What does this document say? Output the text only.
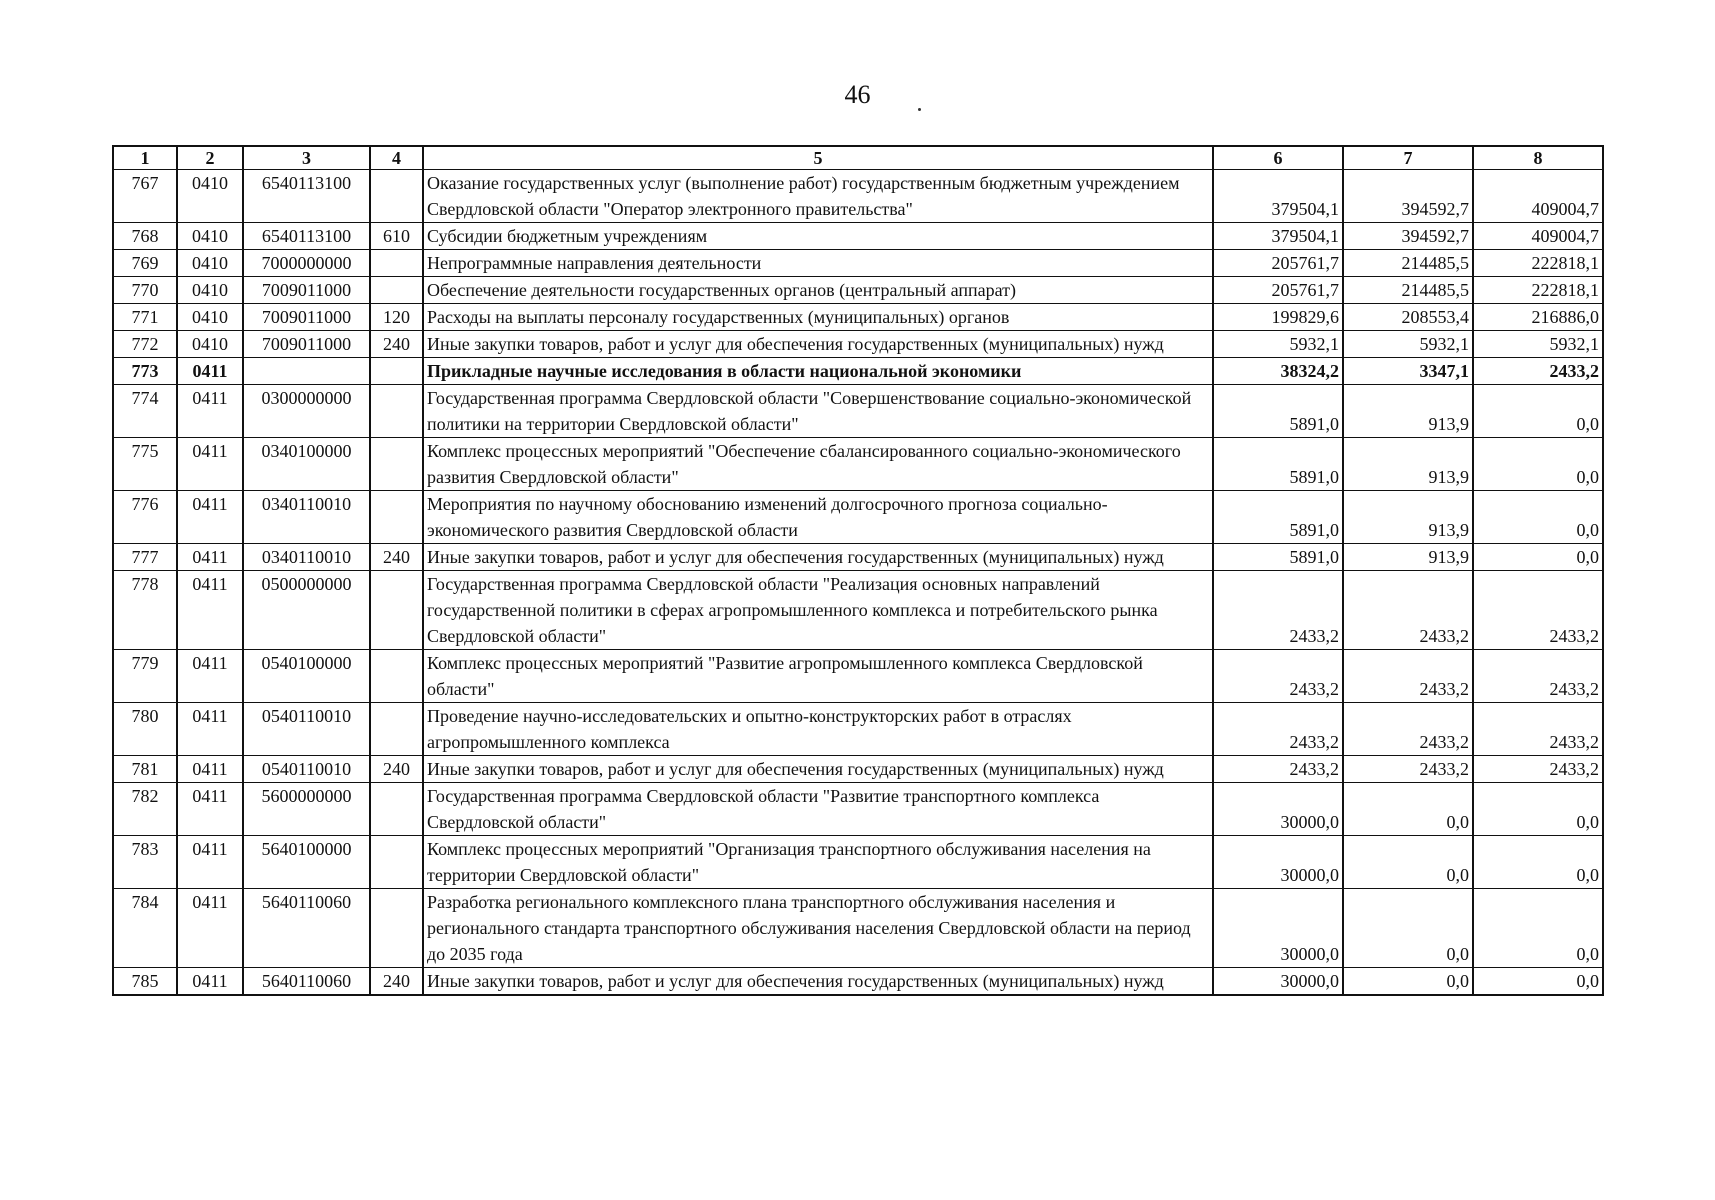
46
1	2	3	4	5	6	7	8
767	0410	6540113100		Оказание государственных услуг (выполнение работ) государственным бюджетным учреждением Свердловской области "Оператор электронного правительства"	379504,1	394592,7	409004,7
768	0410	6540113100	610	Субсидии бюджетным учреждениям	379504,1	394592,7	409004,7
769	0410	7000000000		Непрограммные направления деятельности	205761,7	214485,5	222818,1
770	0410	7009011000		Обеспечение деятельности государственных органов (центральный аппарат)	205761,7	214485,5	222818,1
771	0410	7009011000	120	Расходы на выплаты персоналу государственных (муниципальных) органов	199829,6	208553,4	216886,0
772	0410	7009011000	240	Иные закупки товаров, работ и услуг для обеспечения государственных (муниципальных) нужд	5932,1	5932,1	5932,1
773	0411			Прикладные научные исследования в области национальной экономики	38324,2	3347,1	2433,2
774	0411	0300000000		Государственная программа Свердловской области "Совершенствование социально-экономической политики на территории Свердловской области"	5891,0	913,9	0,0
775	0411	0340100000		Комплекс процессных мероприятий "Обеспечение сбалансированного социально-экономического развития Свердловской области"	5891,0	913,9	0,0
776	0411	0340110010		Мероприятия по научному обоснованию изменений долгосрочного прогноза социально-экономического развития Свердловской области	5891,0	913,9	0,0
777	0411	0340110010	240	Иные закупки товаров, работ и услуг для обеспечения государственных (муниципальных) нужд	5891,0	913,9	0,0
778	0411	0500000000		Государственная программа Свердловской области "Реализация основных направлений государственной политики в сферах агропромышленного комплекса и потребительского рынка Свердловской области"	2433,2	2433,2	2433,2
779	0411	0540100000		Комплекс процессных мероприятий "Развитие агропромышленного комплекса Свердловской области"	2433,2	2433,2	2433,2
780	0411	0540110010		Проведение научно-исследовательских и опытно-конструкторских работ в отраслях агропромышленного комплекса	2433,2	2433,2	2433,2
781	0411	0540110010	240	Иные закупки товаров, работ и услуг для обеспечения государственных (муниципальных) нужд	2433,2	2433,2	2433,2
782	0411	5600000000		Государственная программа Свердловской области "Развитие транспортного комплекса Свердловской области"	30000,0	0,0	0,0
783	0411	5640100000		Комплекс процессных мероприятий "Организация транспортного обслуживания населения на территории Свердловской области"	30000,0	0,0	0,0
784	0411	5640110060		Разработка регионального комплексного плана транспортного обслуживания населения и регионального стандарта транспортного обслуживания населения Свердловской области на период до 2035 года	30000,0	0,0	0,0
785	0411	5640110060	240	Иные закупки товаров, работ и услуг для обеспечения государственных (муниципальных) нужд	30000,0	0,0	0,0
